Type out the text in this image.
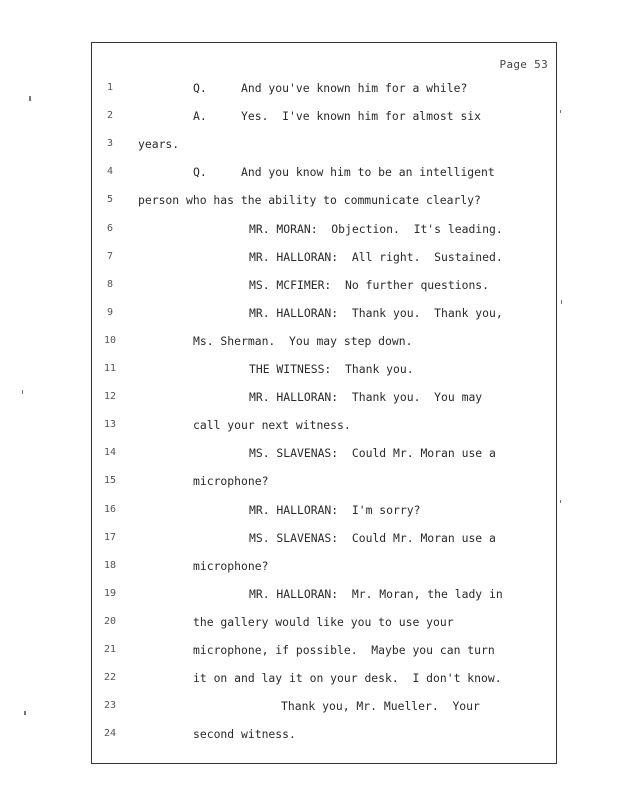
Page 53
1	Q.     And you've known him for a while?
2	A.     Yes.  I've known him for almost six
3	years.
4	Q.     And you know him to be an intelligent
5	person who has the ability to communicate clearly?
6	MR. MORAN:  Objection.  It's leading.
7	MR. HALLORAN:  All right.  Sustained.
8	MS. MCFIMER:  No further questions.
9	MR. HALLORAN:  Thank you.  Thank you,
10	Ms. Sherman.  You may step down.
11	THE WITNESS:  Thank you.
12	MR. HALLORAN:  Thank you.  You may
13	call your next witness.
14	MS. SLAVENAS:  Could Mr. Moran use a
15	microphone?
16	MR. HALLORAN:  I'm sorry?
17	MS. SLAVENAS:  Could Mr. Moran use a
18	microphone?
19	MR. HALLORAN:  Mr. Moran, the lady in
20	the gallery would like you to use your
21	microphone, if possible.  Maybe you can turn
22	it on and lay it on your desk.  I don't know.
23	Thank you, Mr. Mueller.  Your
24	second witness.
